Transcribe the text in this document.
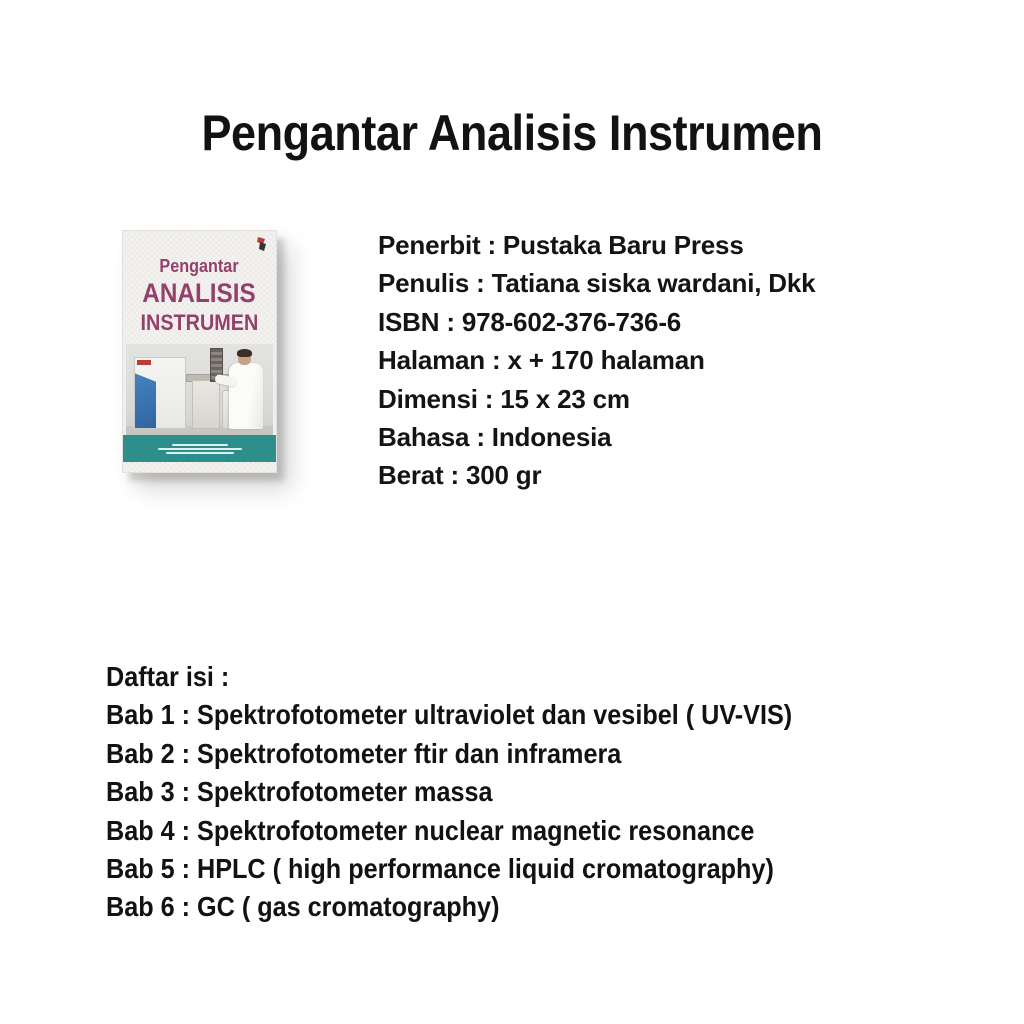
Pengantar Analisis Instrumen
Pengantar
ANALISIS
INSTRUMEN
Penerbit : Pustaka Baru Press
Penulis : Tatiana siska wardani, Dkk
ISBN : 978-602-376-736-6
Halaman : x + 170 halaman
Dimensi : 15 x 23 cm
Bahasa : Indonesia
Berat : 300 gr
Daftar isi :
Bab 1 : Spektrofotometer ultraviolet dan vesibel ( UV-VIS)
Bab 2 : Spektrofotometer ftir dan inframera
Bab 3 : Spektrofotometer massa
Bab 4 : Spektrofotometer nuclear magnetic resonance
Bab 5 : HPLC ( high performance liquid cromatography)
Bab 6 : GC ( gas cromatography)
